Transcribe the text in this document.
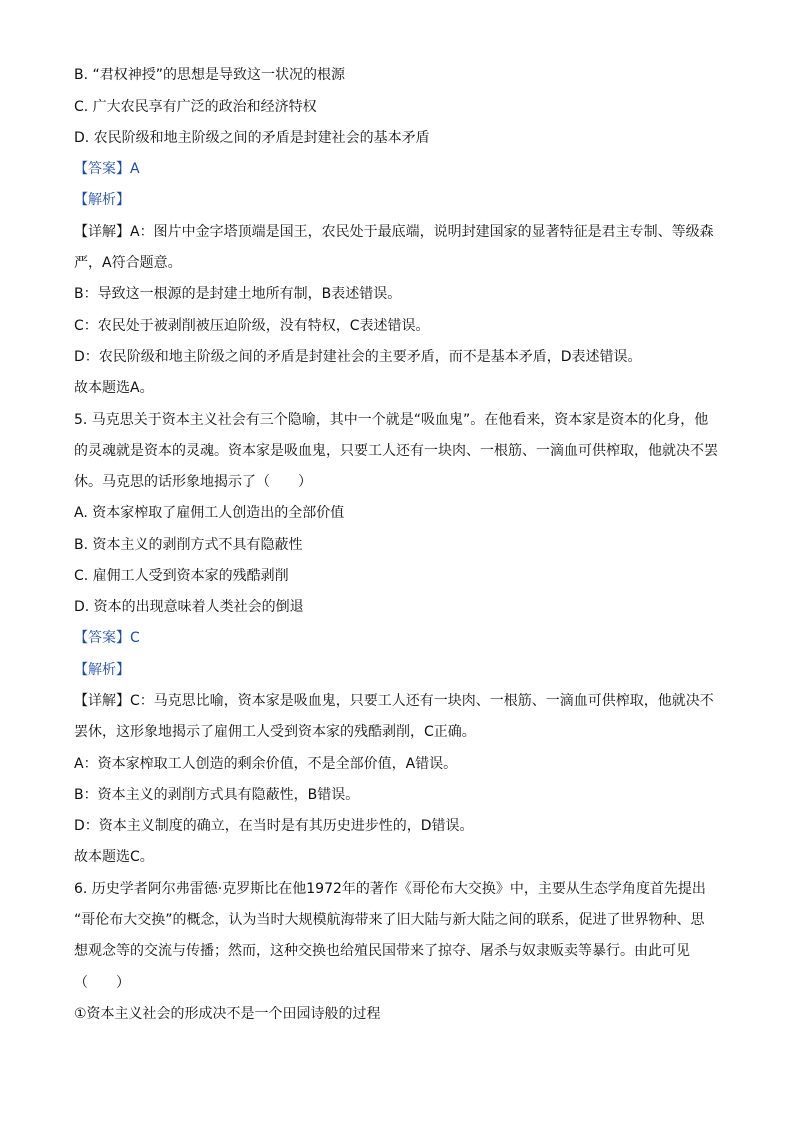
B. “君权神授”的思想是导致这一状况的根源
C. 广大农民享有广泛的政治和经济特权
D. 农民阶级和地主阶级之间的矛盾是封建社会的基本矛盾
【答案】A
【解析】
【详解】A：图片中金字塔顶端是国王，农民处于最底端，说明封建国家的显著特征是君主专制、等级森
严，A符合题意。
B：导致这一根源的是封建土地所有制，B表述错误。
C：农民处于被剥削被压迫阶级，没有特权，C表述错误。
D：农民阶级和地主阶级之间的矛盾是封建社会的主要矛盾，而不是基本矛盾，D表述错误。
故本题选A。
5. 马克思关于资本主义社会有三个隐喻，其中一个就是“吸血鬼”。在他看来，资本家是资本的化身，他
的灵魂就是资本的灵魂。资本家是吸血鬼，只要工人还有一块肉、一根筋、一滴血可供榨取，他就决不罢
休。马克思的话形象地揭示了（　　）
A. 资本家榨取了雇佣工人创造出的全部价值
B. 资本主义的剥削方式不具有隐蔽性
C. 雇佣工人受到资本家的残酷剥削
D. 资本的出现意味着人类社会的倒退
【答案】C
【解析】
【详解】C：马克思比喻，资本家是吸血鬼，只要工人还有一块肉、一根筋、一滴血可供榨取，他就决不
罢休，这形象地揭示了雇佣工人受到资本家的残酷剥削，C正确。
A：资本家榨取工人创造的剩余价值，不是全部价值，A错误。
B：资本主义的剥削方式具有隐蔽性，B错误。
D：资本主义制度的确立，在当时是有其历史进步性的，D错误。
故本题选C。
6. 历史学者阿尔弗雷德·克罗斯比在他1972年的著作《哥伦布大交换》中，主要从生态学角度首先提出
“哥伦布大交换”的概念，认为当时大规模航海带来了旧大陆与新大陆之间的联系，促进了世界物种、思
想观念等的交流与传播；然而，这种交换也给殖民国带来了掠夺、屠杀与奴隶贩卖等暴行。由此可见
（　　）
①资本主义社会的形成决不是一个田园诗般的过程
